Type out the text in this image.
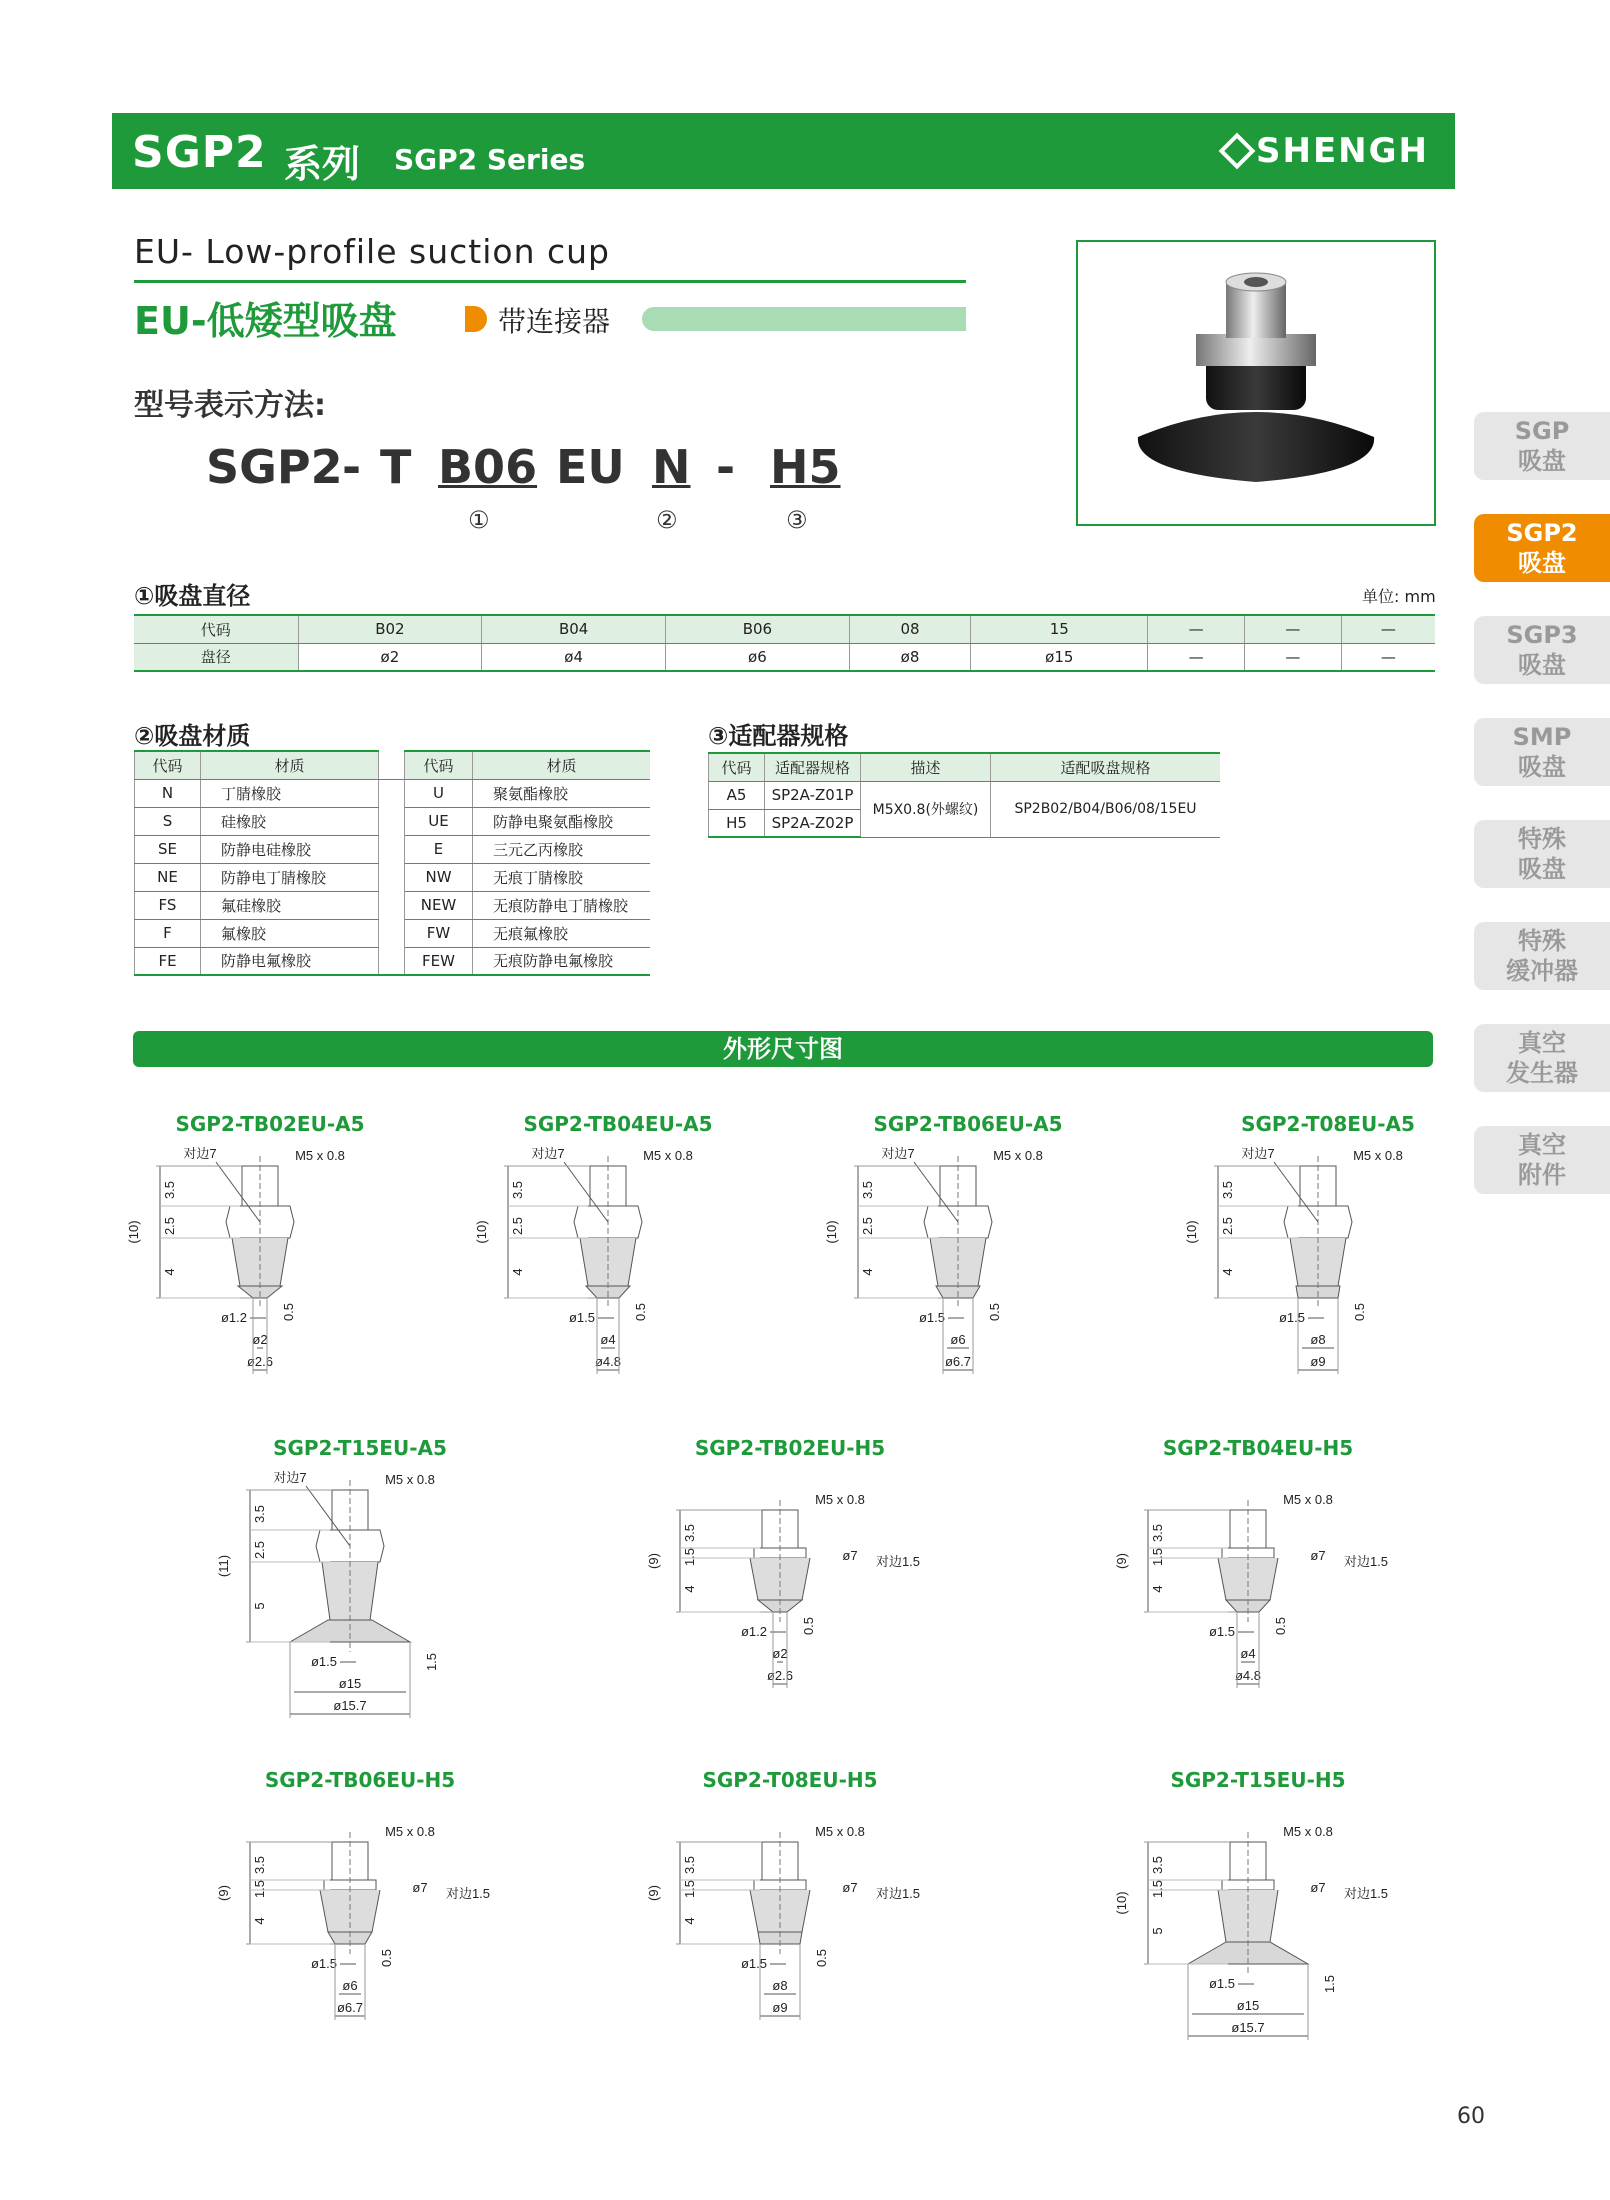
SGP2 系列 SGP2 Series	SHENGH
EU- Low-profile suction cup
EU-低矮型吸盘	带连接器
型号表示方法:
SGP2 - T B06 EU N - H5
①	②	③
①吸盘直径	单位: mm
代码	B02	B04	B06	08	15	—	—	—
盘径	ø2	ø4	ø6	ø8	ø15	—	—	—
②吸盘材质
代码	材质		代码	材质
N	丁腈橡胶		U	聚氨酯橡胶
S	硅橡胶		UE	防静电聚氨酯橡胶
SE	防静电硅橡胶		E	三元乙丙橡胶
NE	防静电丁腈橡胶		NW	无痕丁腈橡胶
FS	氟硅橡胶		NEW	无痕防静电丁腈橡胶
F	氟橡胶		FW	无痕氟橡胶
FE	防静电氟橡胶		FEW	无痕防静电氟橡胶
③适配器规格
代码	适配器规格	描述	适配吸盘规格
A5	SP2A-Z01P	M5X0.8(外螺纹)	SP2B02/B04/B06/08/15EU
H5	SP2A-Z02P		
外形尺寸图
SGP2-TB02EU-A5
M5 x 0.8
对边7
(10)
3.5
2.5
4
0.5
ø1.2
ø2
ø2.6
SGP2-TB04EU-A5
M5 x 0.8
对边7
(10)
3.5
2.5
4
0.5
ø1.5
ø4
ø4.8
SGP2-TB06EU-A5
M5 x 0.8
对边7
(10)
3.5
2.5
4
0.5
ø1.5
ø6
ø6.7
SGP2-T08EU-A5
M5 x 0.8
对边7
(10)
3.5
2.5
4
0.5
ø1.5
ø8
ø9
SGP2-T15EU-A5
M5 x 0.8
对边7
(11)
3.5
2.5
5
1.5
ø1.5
ø15
ø15.7
SGP2-TB02EU-H5
M5 x 0.8
ø7 对边1.5
(9)
3.5
1.5
4
0.5
ø1.2
ø2
ø2.6
SGP2-TB04EU-H5
M5 x 0.8
ø7 对边1.5
(9)
3.5
1.5
4
0.5
ø1.5
ø4
ø4.8
SGP2-TB06EU-H5
M5 x 0.8
ø7 对边1.5
(9)
3.5
1.5
4
0.5
ø1.5
ø6
ø6.7
SGP2-T08EU-H5
M5 x 0.8
ø7 对边1.5
(9)
3.5
1.5
4
0.5
ø1.5
ø8
ø9
SGP2-T15EU-H5
M5 x 0.8
ø7 对边1.5
(10)
3.5
1.5
5
1.5
ø1.5
ø15
ø15.7
SGP
吸盘
SGP2
吸盘
SGP3
吸盘
SMP
吸盘
特殊
吸盘
特殊
缓冲器
真空
发生器
真空
附件
60
